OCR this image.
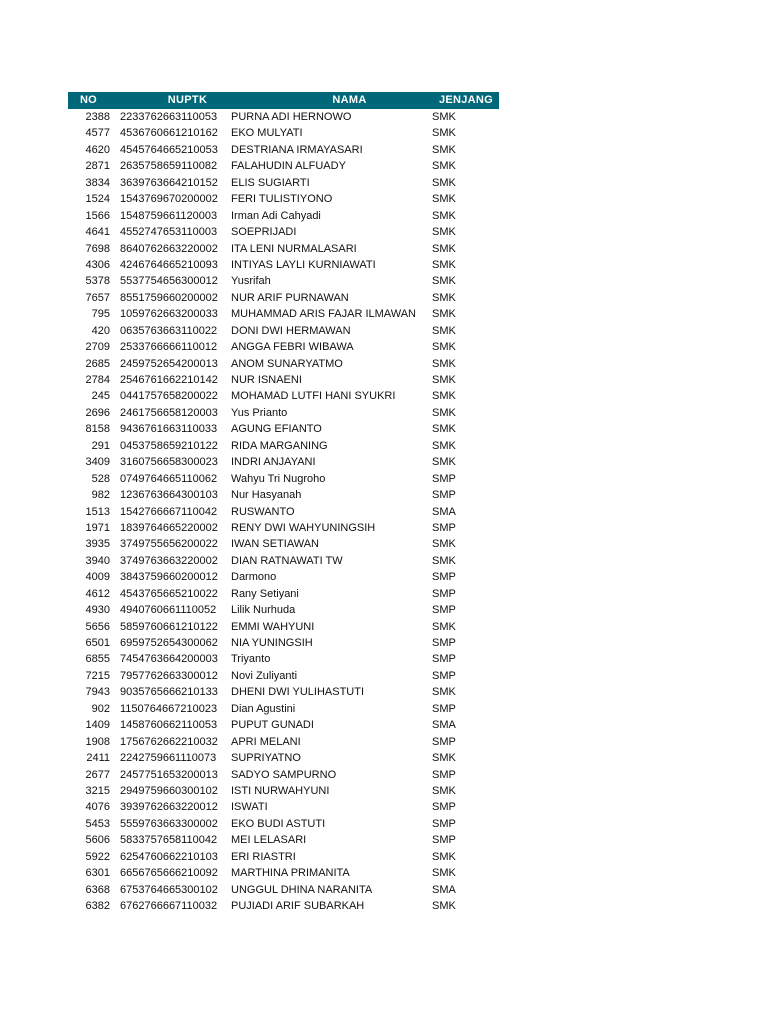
NO	NUPTK	NAMA	JENJANG
2388 2233762663110053	PURNA ADI HERNOWO	SMK
4577 4536760661210162	EKO MULYATI	SMK
4620 4545764665210053	DESTRIANA IRMAYASARI	SMK
2871 2635758659110082	FALAHUDIN ALFUADY	SMK
3834 3639763664210152	ELIS SUGIARTI	SMK
1524 1543769670200002	FERI TULISTIYONO	SMK
1566 1548759661120003	Irman Adi Cahyadi	SMK
4641 4552747653110003	SOEPRIJADI	SMK
7698 8640762663220002	ITA LENI NURMALASARI	SMK
4306 4246764665210093	INTIYAS LAYLI KURNIAWATI	SMK
5378 5537754656300012	Yusrifah	SMK
7657 8551759660200002	NUR ARIF PURNAWAN	SMK
795 1059762663200033	MUHAMMAD ARIS FAJAR ILMAWAN	SMK
420 0635763663110022	DONI DWI HERMAWAN	SMK
2709 2533766666110012	ANGGA FEBRI WIBAWA	SMK
2685 2459752654200013	ANOM SUNARYATMO	SMK
2784 2546761662210142	NUR ISNAENI	SMK
245 0441757658200022	MOHAMAD LUTFI HANI SYUKRI	SMK
2696 2461756658120003	Yus Prianto	SMK
8158 9436761663110033	AGUNG EFIANTO	SMK
291 0453758659210122	RIDA MARGANING	SMK
3409 3160756658300023	INDRI ANJAYANI	SMK
528 0749764665110062	Wahyu Tri Nugroho	SMP
982 1236763664300103	Nur Hasyanah	SMP
1513 1542766667110042	RUSWANTO	SMA
1971 1839764665220002	RENY DWI WAHYUNINGSIH	SMP
3935 3749755656200022	IWAN SETIAWAN	SMK
3940 3749763663220002	DIAN RATNAWATI TW	SMK
4009 3843759660200012	Darmono	SMP
4612 4543765665210022	Rany Setiyani	SMP
4930 4940760661110052	Lilik Nurhuda	SMP
5656 5859760661210122	EMMI WAHYUNI	SMK
6501 6959752654300062	NIA YUNINGSIH	SMP
6855 7454763664200003	Triyanto	SMP
7215 7957762663300012	Novi Zuliyanti	SMP
7943 9035765666210133	DHENI DWI YULIHASTUTI	SMK
902 1150764667210023	Dian Agustini	SMP
1409 1458760662110053	PUPUT GUNADI	SMA
1908 1756762662210032	APRI MELANI	SMP
2411 2242759661110073	SUPRIYATNO	SMK
2677 2457751653200013	SADYO SAMPURNO	SMP
3215 2949759660300102	ISTI NURWAHYUNI	SMK
4076 3939762663220012	ISWATI	SMP
5453 5559763663300002	EKO BUDI ASTUTI	SMP
5606 5833757658110042	MEI LELASARI	SMP
5922 6254760662210103	ERI RIASTRI	SMK
6301 6656765666210092	MARTHINA PRIMANITA	SMK
6368 6753764665300102	UNGGUL DHINA NARANITA	SMA
6382 6762766667110032	PUJIADI ARIF SUBARKAH	SMK
